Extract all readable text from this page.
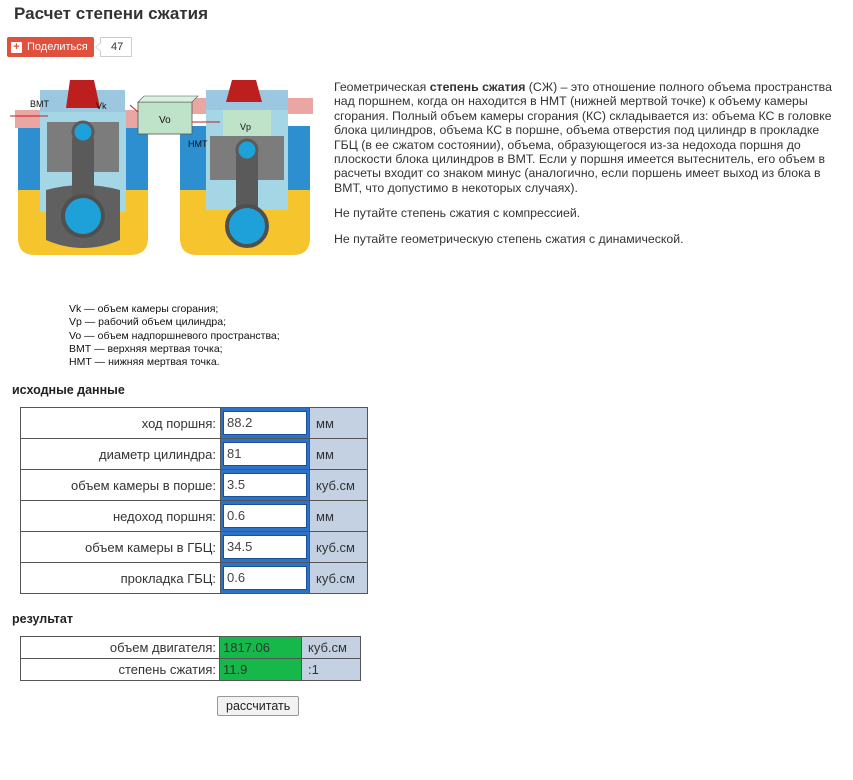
Расчет степени сжатия
+ Поделиться	47
Vo
ВМТ	Vk
Vp
НМТ
Vk — объем камеры сгорания;
Vp — рабочий объем цилиндра;
Vo — объем надпоршневого пространства;
ВМТ — верхняя мертвая точка;
НМТ — нижняя мертвая точка.

Геометрическая степень сжатия (СЖ) – это отношение полного объема пространства над поршнем, когда он находится в НМТ (нижней мертвой точке) к объему камеры сгорания. Полный объем камеры сгорания (КС) складывается из: объема КС в головке блока цилиндров, объема КС в поршне, объема отверстия под цилиндр в прокладке ГБЦ (в ее сжатом состоянии), объема, образующегося из-за недохода поршня до плоскости блока цилиндров в ВМТ. Если у поршня имеется вытеснитель, его объем в расчеты входит со знаком минус (аналогично, если поршень имеет выход из блока в ВМТ, что допустимо в некоторых случаях).

Не путайте степень сжатия с компрессией.

Не путайте геометрическую степень сжатия с динамической.

исходные данные
ход поршня:	88.2	мм
диаметр цилиндра:	81	мм
объем камеры в порше:	3.5	куб.см
недоход поршня:	0.6	мм
объем камеры в ГБЦ:	34.5	куб.см
прокладка ГБЦ:	0.6	куб.см
результат
объем двигателя:	1817.06	куб.см
степень сжатия:	11.9	:1
рассчитать
